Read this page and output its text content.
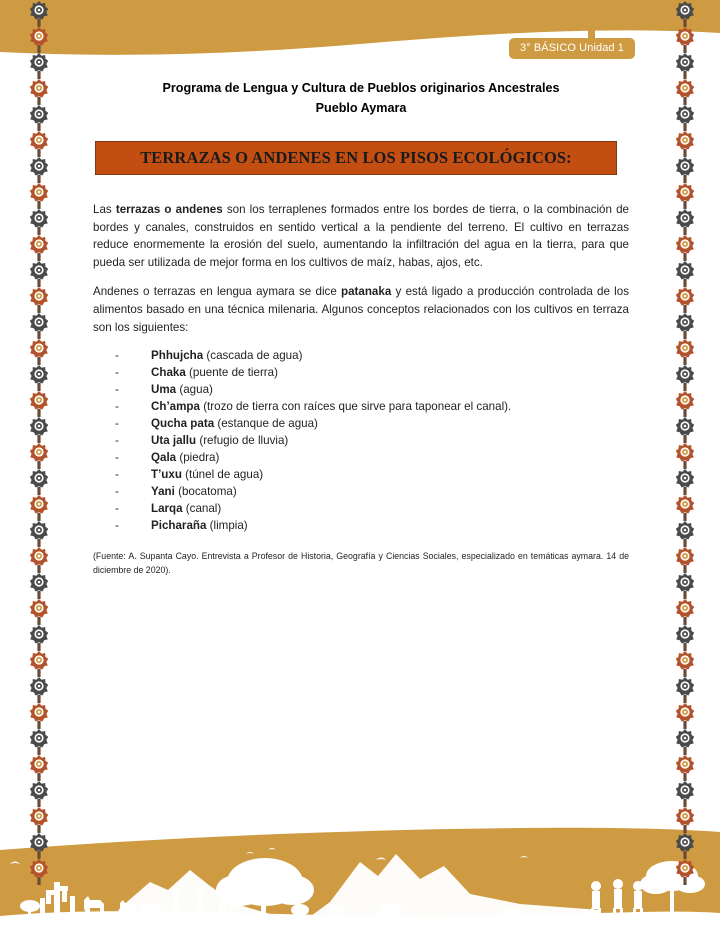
3° BÁSICO Unidad 1
Programa de Lengua y Cultura de Pueblos originarios Ancestrales
Pueblo Aymara
TERRAZAS O ANDENES EN LOS PISOS ECOLÓGICOS:

Las terrazas o andenes son los terraplenes formados entre los bordes de tierra, o la combinación de bordes y canales, construidos en sentido vertical a la pendiente del terreno. El cultivo en terrazas reduce enormemente la erosión del suelo, aumentando la infiltración del agua en la tierra, para que pueda ser utilizada de mejor forma en los cultivos de maíz, habas, ajos, etc.

Andenes o terrazas en lengua aymara se dice patanaka y está ligado a producción controlada de los alimentos basado en una técnica milenaria. Algunos conceptos relacionados con los cultivos en terraza son los siguientes:

-	Phhujcha (cascada de agua)
-	Chaka (puente de tierra)
-	Uma (agua)
-	Ch’ampa (trozo de tierra con raíces que sirve para taponear el canal).
-	Qucha pata (estanque de agua)
-	Uta jallu (refugio de lluvia)
-	Qala (piedra)
-	T’uxu (túnel de agua)
-	Yani (bocatoma)
-	Larqa (canal)
-	Picharaña (limpia)

(Fuente: A. Supanta Cayo. Entrevista a Profesor de Historia, Geografía y Ciencias Sociales, especializado en temáticas aymara. 14 de diciembre de 2020).
